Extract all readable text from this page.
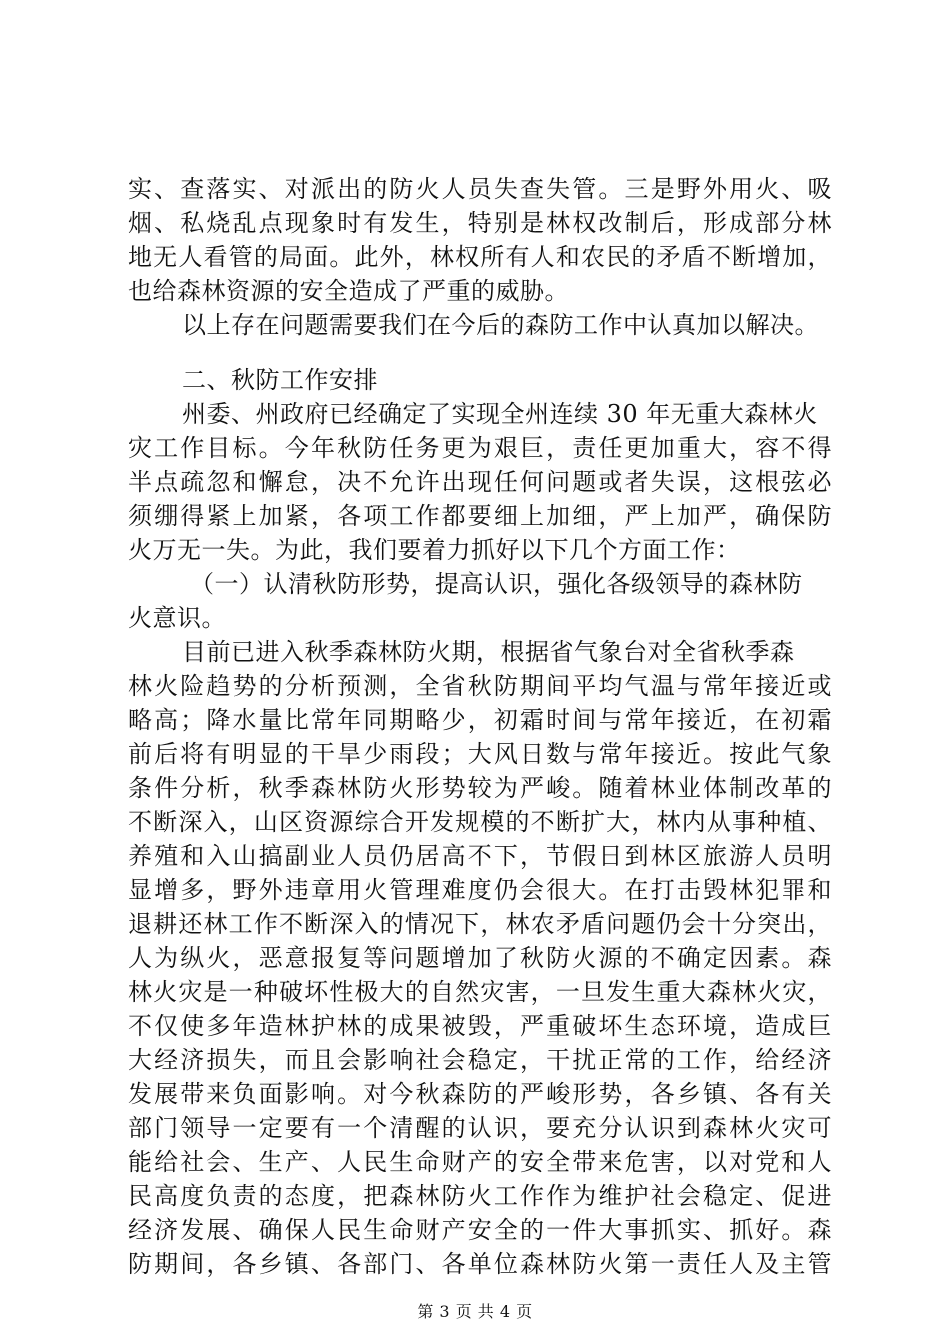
实、查落实、对派出的防火人员失查失管。三是野外用火、吸
烟、私烧乱点现象时有发生，特别是林权改制后，形成部分林
地无人看管的局面。此外，林权所有人和农民的矛盾不断增加，
也给森林资源的安全造成了严重的威胁。
以上存在问题需要我们在今后的森防工作中认真加以解决。
二、秋防工作安排
州委、州政府已经确定了实现全州连续 30 年无重大森林火
灾工作目标。今年秋防任务更为艰巨，责任更加重大，容不得
半点疏忽和懈怠，决不允许出现任何问题或者失误，这根弦必
须绷得紧上加紧，各项工作都要细上加细，严上加严，确保防
火万无一失。为此，我们要着力抓好以下几个方面工作：
（一）认清秋防形势，提高认识，强化各级领导的森林防
火意识。
目前已进入秋季森林防火期，根据省气象台对全省秋季森
林火险趋势的分析预测，全省秋防期间平均气温与常年接近或
略高；降水量比常年同期略少，初霜时间与常年接近，在初霜
前后将有明显的干旱少雨段；大风日数与常年接近。按此气象
条件分析，秋季森林防火形势较为严峻。随着林业体制改革的
不断深入，山区资源综合开发规模的不断扩大，林内从事种植、
养殖和入山搞副业人员仍居高不下，节假日到林区旅游人员明
显增多，野外违章用火管理难度仍会很大。在打击毁林犯罪和
退耕还林工作不断深入的情况下，林农矛盾问题仍会十分突出，
人为纵火，恶意报复等问题增加了秋防火源的不确定因素。森
林火灾是一种破坏性极大的自然灾害，一旦发生重大森林火灾，
不仅使多年造林护林的成果被毁，严重破坏生态环境，造成巨
大经济损失，而且会影响社会稳定，干扰正常的工作，给经济
发展带来负面影响。对今秋森防的严峻形势，各乡镇、各有关
部门领导一定要有一个清醒的认识，要充分认识到森林火灾可
能给社会、生产、人民生命财产的安全带来危害，以对党和人
民高度负责的态度，把森林防火工作作为维护社会稳定、促进
经济发展、确保人民生命财产安全的一件大事抓实、抓好。森
防期间，各乡镇、各部门、各单位森林防火第一责任人及主管
第 3 页 共 4 页
